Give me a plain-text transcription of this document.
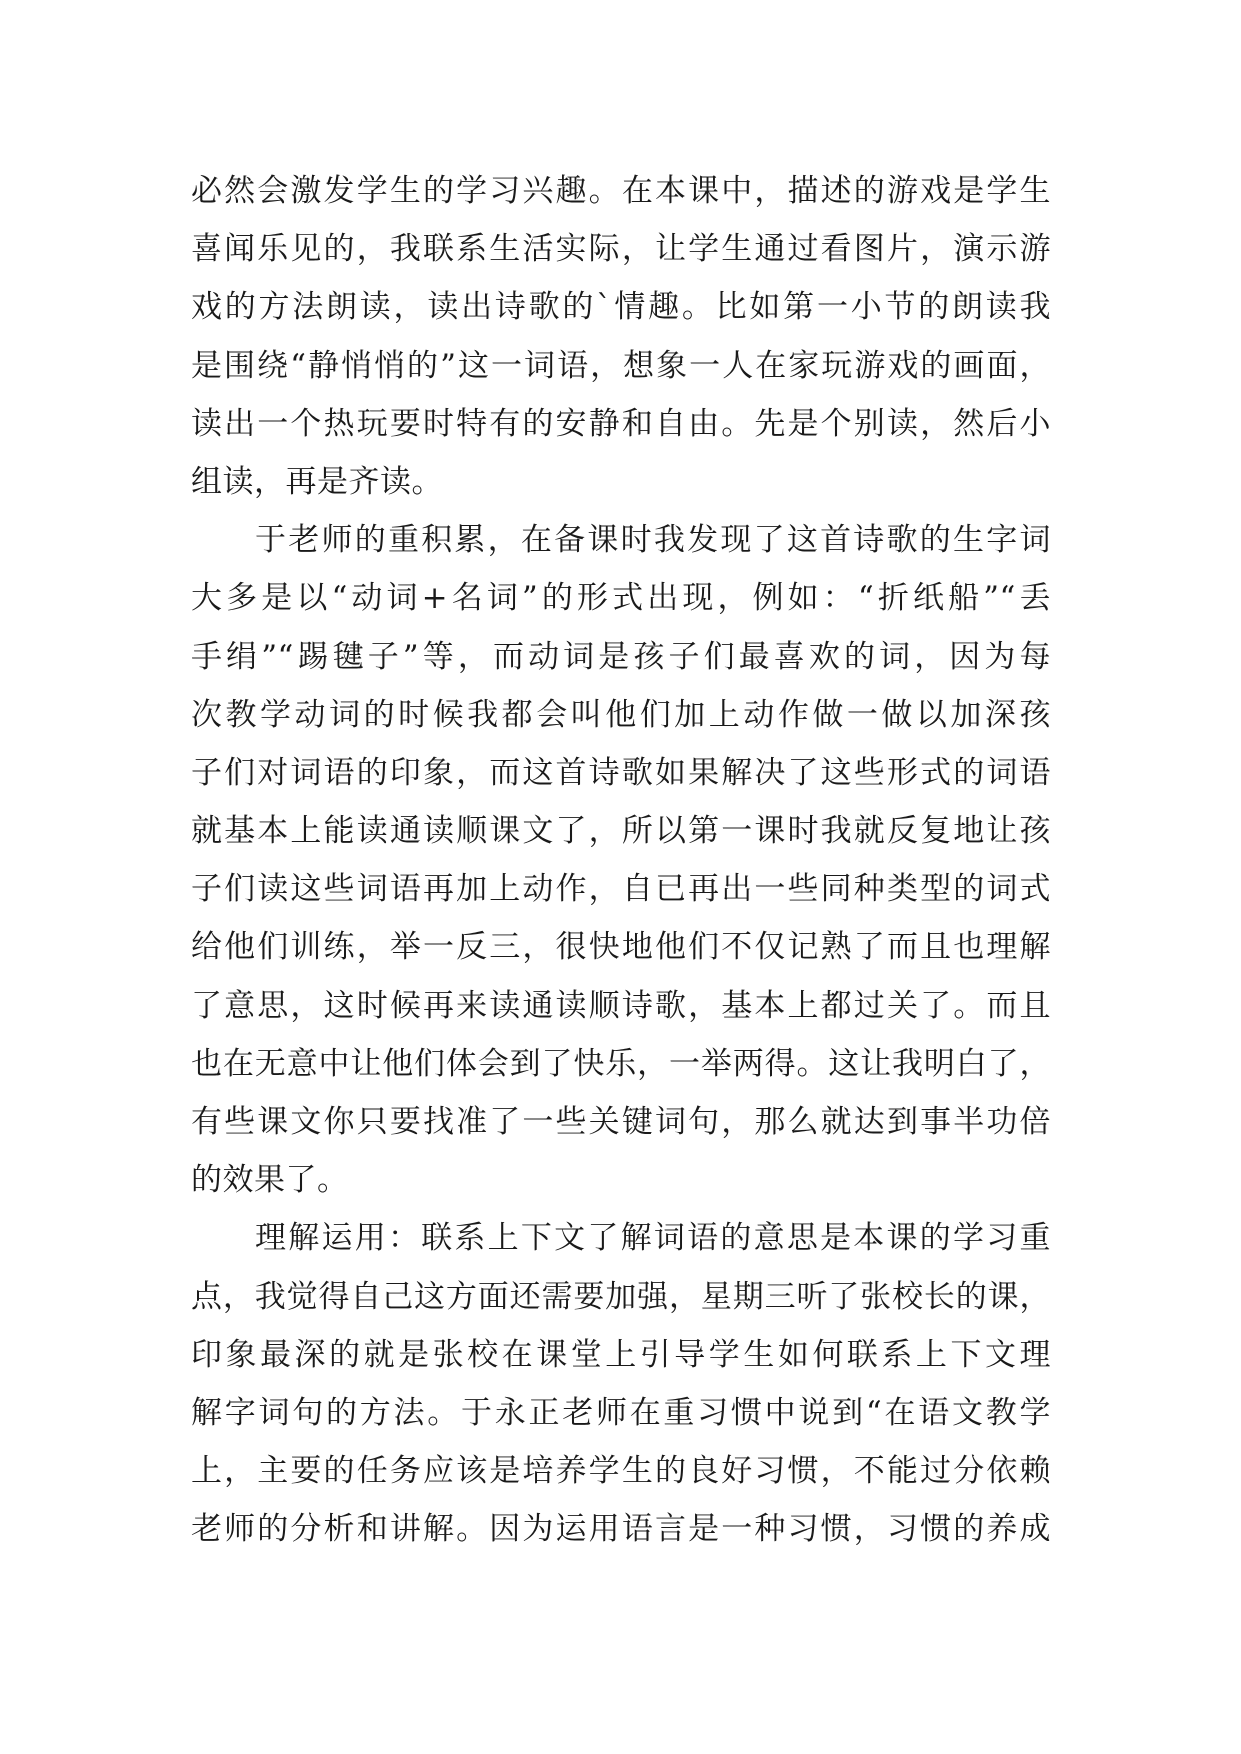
必然会激发学生的学习兴趣。在本课中，描述的游戏是学生
喜闻乐见的，我联系生活实际，让学生通过看图片，演示游
戏的方法朗读，读出诗歌的`情趣。比如第一小节的朗读我
是围绕“静悄悄的”这一词语，想象一人在家玩游戏的画面，
读出一个热玩要时特有的安静和自由。先是个别读，然后小
组读，再是齐读。
于老师的重积累，在备课时我发现了这首诗歌的生字词
大多是以“动词+名词”的形式出现，例如：“折纸船”“丢
手绢”“踢毽子”等，而动词是孩子们最喜欢的词，因为每
次教学动词的时候我都会叫他们加上动作做一做以加深孩
子们对词语的印象，而这首诗歌如果解决了这些形式的词语
就基本上能读通读顺课文了，所以第一课时我就反复地让孩
子们读这些词语再加上动作，自已再出一些同种类型的词式
给他们训练，举一反三，很快地他们不仅记熟了而且也理解
了意思，这时候再来读通读顺诗歌，基本上都过关了。而且
也在无意中让他们体会到了快乐，一举两得。这让我明白了，
有些课文你只要找准了一些关键词句，那么就达到事半功倍
的效果了。
理解运用：联系上下文了解词语的意思是本课的学习重
点，我觉得自己这方面还需要加强，星期三听了张校长的课，
印象最深的就是张校在课堂上引导学生如何联系上下文理
解字词句的方法。于永正老师在重习惯中说到“在语文教学
上，主要的任务应该是培养学生的良好习惯，不能过分依赖
老师的分析和讲解。因为运用语言是一种习惯，习惯的养成
